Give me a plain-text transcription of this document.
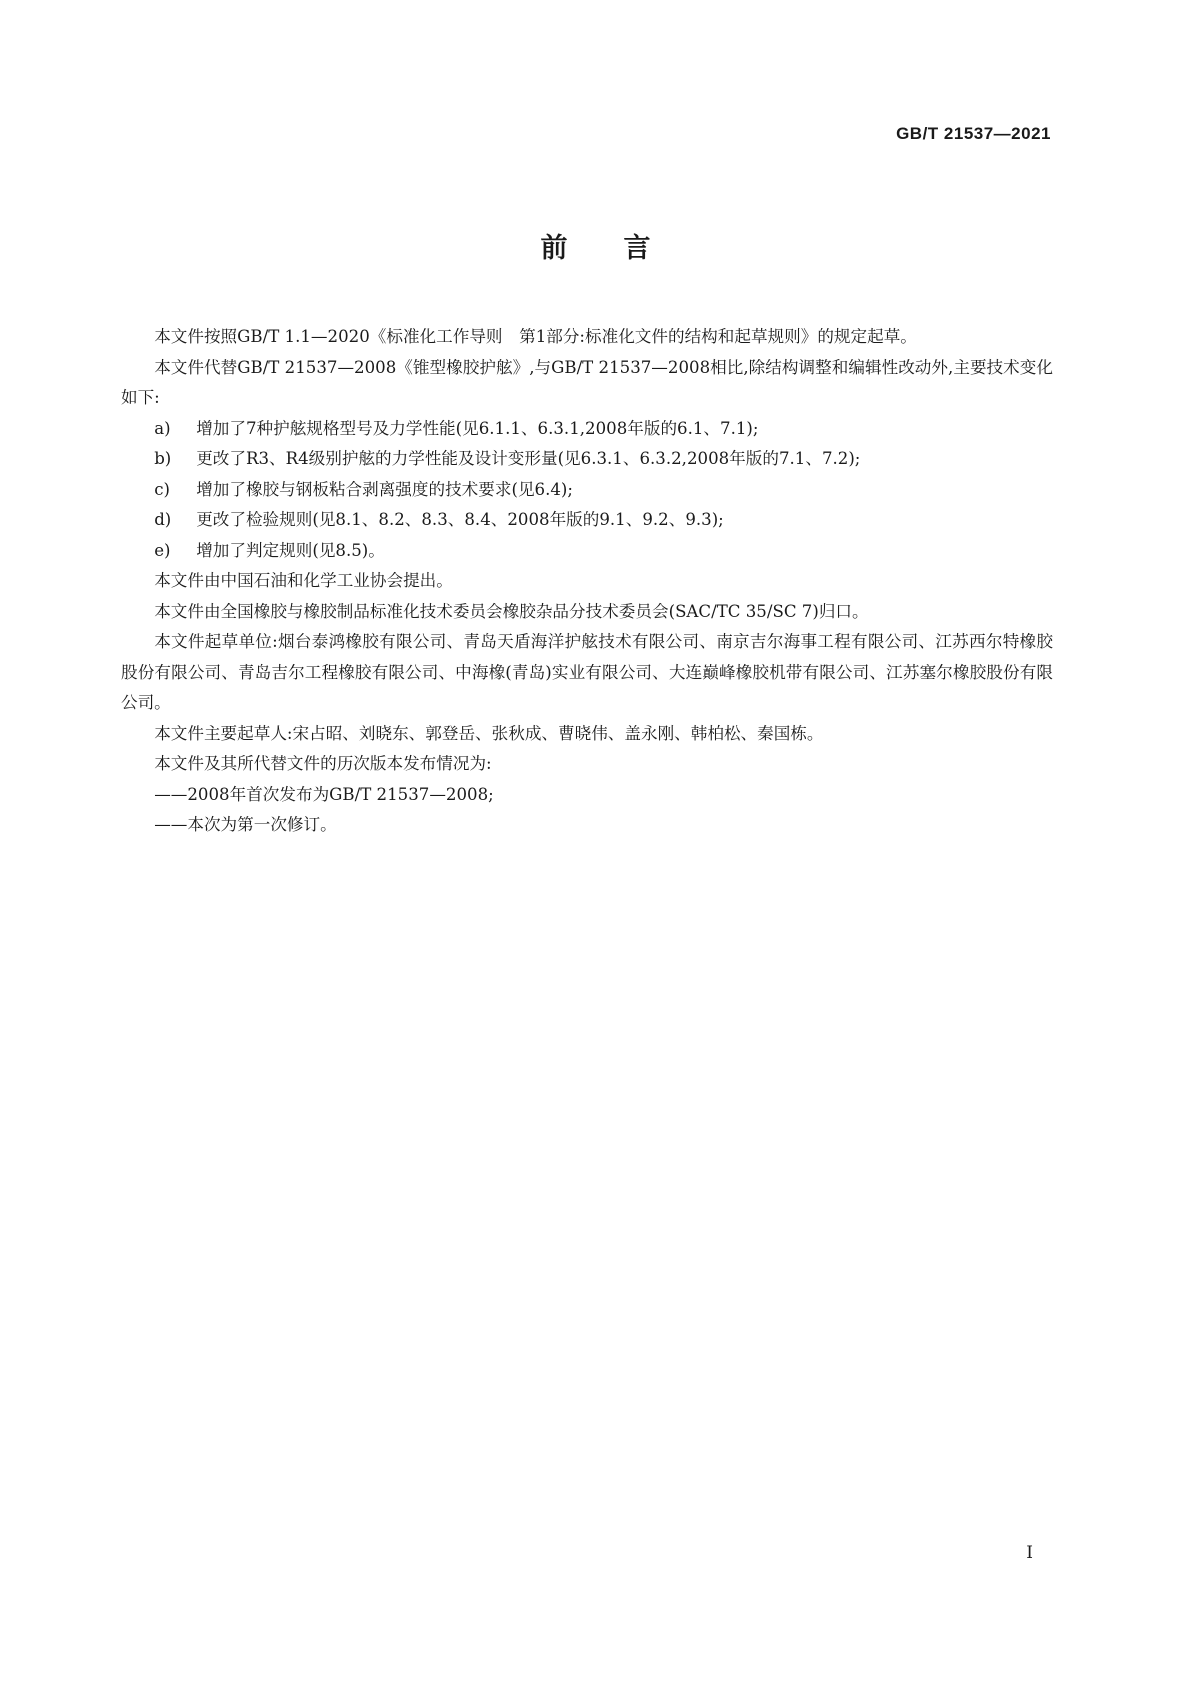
GB/T 21537—2021
前言

本文件按照GB/T 1.1—2020《标准化工作导则　第1部分:标准化文件的结构和起草规则》的规定起草。

本文件代替GB/T 21537—2008《锥型橡胶护舷》,与GB/T 21537—2008相比,除结构调整和编辑性改动外,主要技术变化如下:

a) 增加了7种护舷规格型号及力学性能(见6.1.1、6.3.1,2008年版的6.1、7.1);

b) 更改了R3、R4级别护舷的力学性能及设计变形量(见6.3.1、6.3.2,2008年版的7.1、7.2);

c) 增加了橡胶与钢板粘合剥离强度的技术要求(见6.4);

d) 更改了检验规则(见8.1、8.2、8.3、8.4、2008年版的9.1、9.2、9.3);

e) 增加了判定规则(见8.5)。

本文件由中国石油和化学工业协会提出。

本文件由全国橡胶与橡胶制品标准化技术委员会橡胶杂品分技术委员会(SAC/TC 35/SC 7)归口。

本文件起草单位:烟台泰鸿橡胶有限公司、青岛天盾海洋护舷技术有限公司、南京吉尔海事工程有限公司、江苏西尔特橡胶股份有限公司、青岛吉尔工程橡胶有限公司、中海橡(青岛)实业有限公司、大连巅峰橡胶机带有限公司、江苏塞尔橡胶股份有限公司。

本文件主要起草人:宋占昭、刘晓东、郭登岳、张秋成、曹晓伟、盖永刚、韩柏松、秦国栋。

本文件及其所代替文件的历次版本发布情况为:

——2008年首次发布为GB/T 21537—2008;

——本次为第一次修订。

I
